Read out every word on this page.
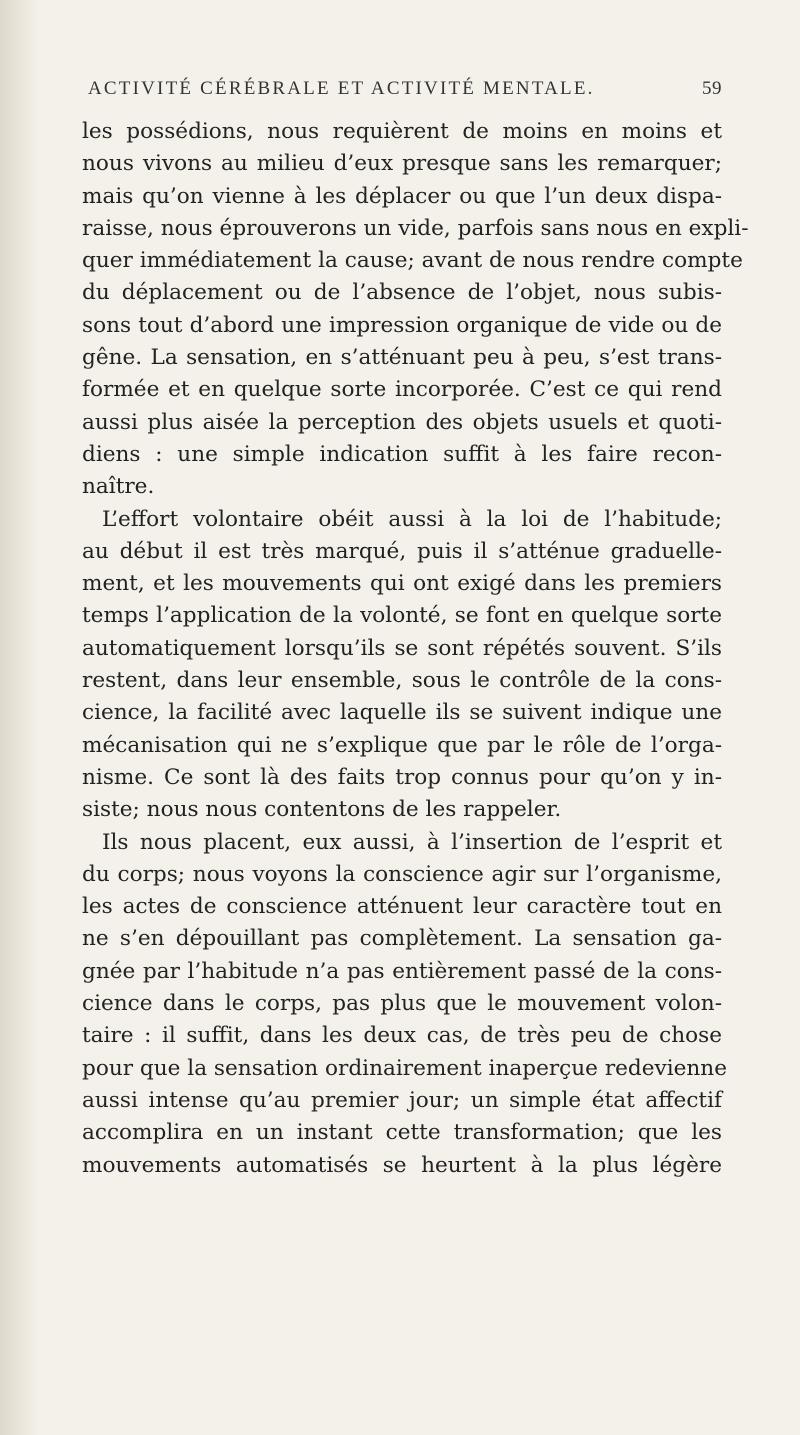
ACTIVITÉ CÉRÉBRALE ET ACTIVITÉ MENTALE.	59
les possédions, nous requièrent de moins en moins et
nous vivons au milieu d’eux presque sans les remarquer;
mais qu’on vienne à les déplacer ou que l’un deux dispa-
raisse, nous éprouverons un vide, parfois sans nous en expli-
quer immédiatement la cause; avant de nous rendre compte
du déplacement ou de l’absence de l’objet, nous subis-
sons tout d’abord une impression organique de vide ou de
gêne. La sensation, en s’atténuant peu à peu, s’est trans-
formée et en quelque sorte incorporée. C’est ce qui rend
aussi plus aisée la perception des objets usuels et quoti-
diens : une simple indication suffit à les faire recon-
naître.
L’effort volontaire obéit aussi à la loi de l’habitude;
au début il est très marqué, puis il s’atténue graduelle-
ment, et les mouvements qui ont exigé dans les premiers
temps l’application de la volonté, se font en quelque sorte
automatiquement lorsqu’ils se sont répétés souvent. S’ils
restent, dans leur ensemble, sous le contrôle de la cons-
cience, la facilité avec laquelle ils se suivent indique une
mécanisation qui ne s’explique que par le rôle de l’orga-
nisme. Ce sont là des faits trop connus pour qu’on y in-
siste; nous nous contentons de les rappeler.
Ils nous placent, eux aussi, à l’insertion de l’esprit et
du corps; nous voyons la conscience agir sur l’organisme,
les actes de conscience atténuent leur caractère tout en
ne s’en dépouillant pas complètement. La sensation ga-
gnée par l’habitude n’a pas entièrement passé de la cons-
cience dans le corps, pas plus que le mouvement volon-
taire : il suffit, dans les deux cas, de très peu de chose
pour que la sensation ordinairement inaperçue redevienne
aussi intense qu’au premier jour; un simple état affectif
accomplira en un instant cette transformation; que les
mouvements automatisés se heurtent à la plus légère
